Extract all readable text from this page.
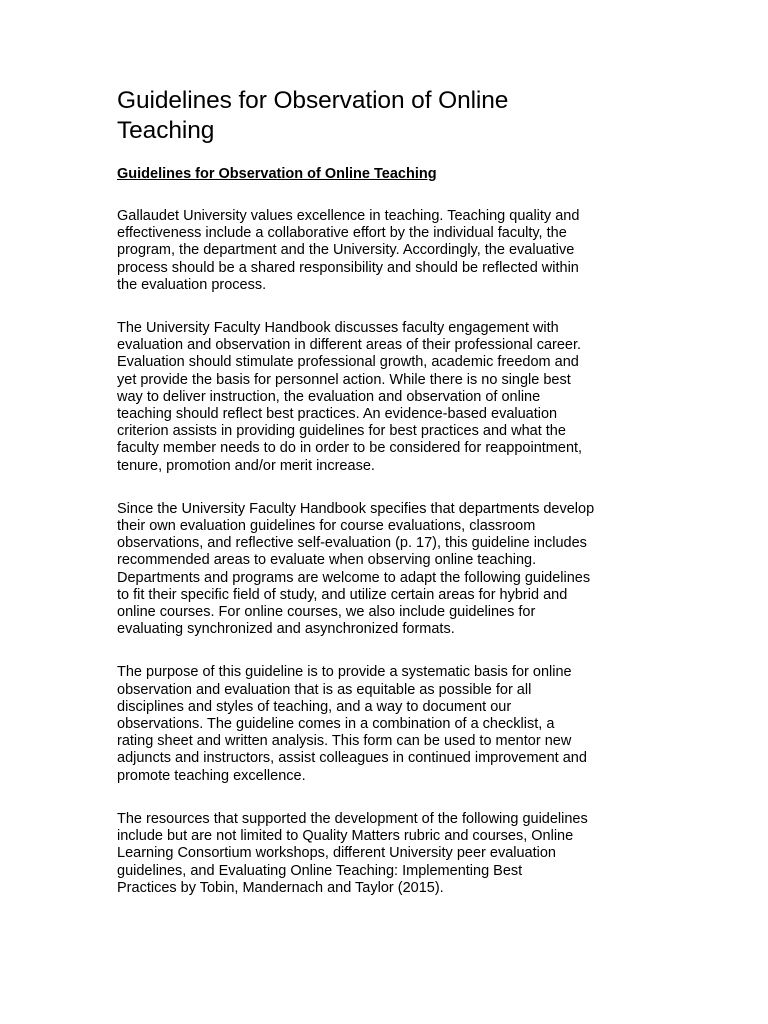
Guidelines for Observation of Online
Teaching
Guidelines for Observation of Online Teaching
Gallaudet University values excellence in teaching. Teaching quality and
effectiveness include a collaborative effort by the individual faculty, the
program, the department and the University. Accordingly, the evaluative
process should be a shared responsibility and should be reflected within
the evaluation process.
The University Faculty Handbook discusses faculty engagement with
evaluation and observation in different areas of their professional career.
Evaluation should stimulate professional growth, academic freedom and
yet provide the basis for personnel action. While there is no single best
way to deliver instruction, the evaluation and observation of online
teaching should reflect best practices. An evidence-based evaluation
criterion assists in providing guidelines for best practices and what the
faculty member needs to do in order to be considered for reappointment,
tenure, promotion and/or merit increase.
Since the University Faculty Handbook specifies that departments develop
their own evaluation guidelines for course evaluations, classroom
observations, and reflective self-evaluation (p. 17), this guideline includes
recommended areas to evaluate when observing online teaching.
Departments and programs are welcome to adapt the following guidelines
to fit their specific field of study, and utilize certain areas for hybrid and
online courses. For online courses, we also include guidelines for
evaluating synchronized and asynchronized formats.
The purpose of this guideline is to provide a systematic basis for online
observation and evaluation that is as equitable as possible for all
disciplines and styles of teaching, and a way to document our
observations. The guideline comes in a combination of a checklist, a
rating sheet and written analysis. This form can be used to mentor new
adjuncts and instructors, assist colleagues in continued improvement and
promote teaching excellence.
The resources that supported the development of the following guidelines
include but are not limited to Quality Matters rubric and courses, Online
Learning Consortium workshops, different University peer evaluation
guidelines, and Evaluating Online Teaching: Implementing Best
Practices by Tobin, Mandernach and Taylor (2015).
